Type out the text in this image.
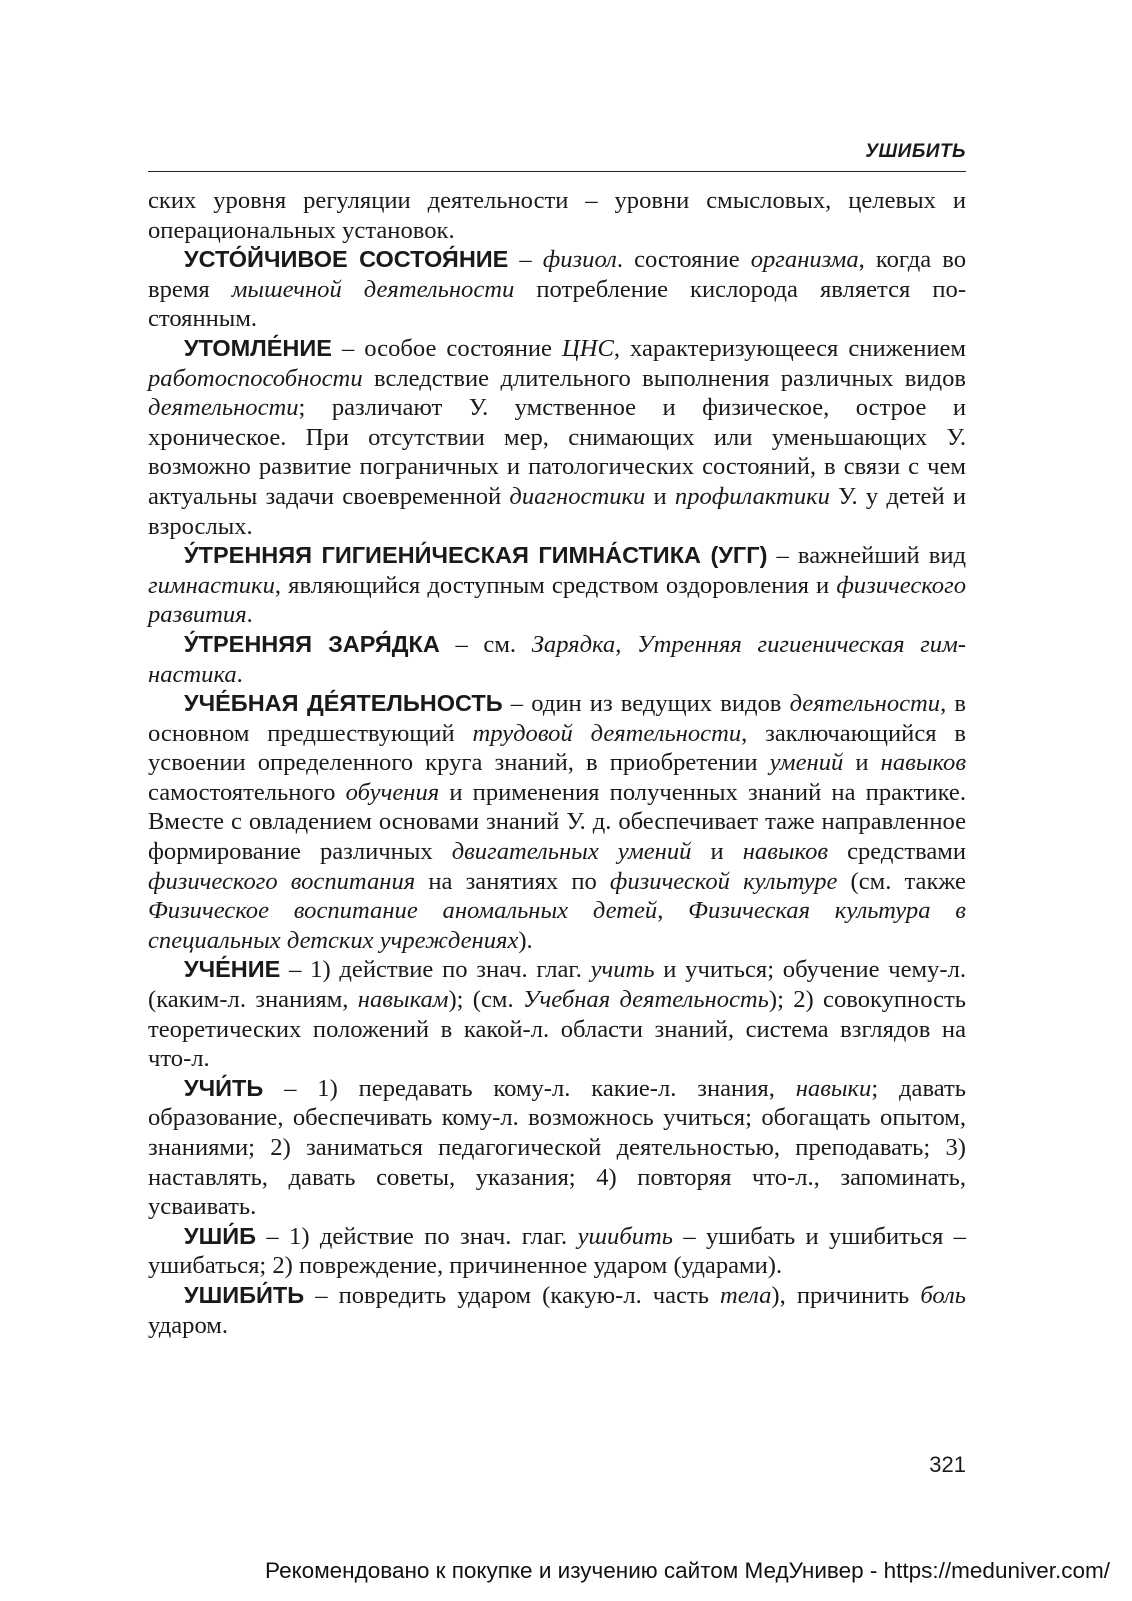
УШИБИТЬ

ских уровня регуляции деятельности – уровни смысловых, целевых и операциональных установок.

УСТО́ЙЧИВОЕ СОСТОЯ́НИЕ – физиол. состояние организма, когда во время мышечной деятельности потребление кислорода является постоянным.

УТОМЛЕ́НИЕ – особое состояние ЦНС, характеризующееся снижением работоспособности вследствие длительного выполнения различных видов деятельности; различают У. умственное и физическое, острое и хроническое. При отсутствии мер, снимающих или уменьшающих У. возможно развитие пограничных и патологических состояний, в связи с чем актуальны задачи своевременной диагностики и профилактики У. у детей и взрослых.

У́ТРЕННЯЯ ГИГИЕНИ́ЧЕСКАЯ ГИМНА́СТИКА (УГГ) – важнейший вид гимнастики, являющийся доступным средством оздоровления и физического развития.

У́ТРЕННЯЯ ЗАРЯ́ДКА – см. Зарядка, Утренняя гигиеническая гимнастика.

УЧЕ́БНАЯ ДЕ́ЯТЕЛЬНОСТЬ – один из ведущих видов деятельности, в основном предшествующий трудовой деятельности, заключающийся в усвоении определенного круга знаний, в приобретении умений и навыков самостоятельного обучения и применения полученных знаний на практике. Вместе с овладением основами знаний У. д. обеспечивает таже направленное формирование различных двигательных умений и навыков средствами физического воспитания на занятиях по физической культуре (см. также Физическое воспитание аномальных детей, Физическая культура в специальных детских учреждениях).

УЧЕ́НИЕ – 1) действие по знач. глаг. учить и учиться; обучение чему-л. (каким-л. знаниям, навыкам); (см. Учебная деятельность); 2) совокупность теоретических положений в какой-л. области знаний, система взглядов на что-л.

УЧИ́ТЬ – 1) передавать кому-л. какие-л. знания, навыки; давать образование, обеспечивать кому-л. возможнось учиться; обогащать опытом, знаниями; 2) заниматься педагогической деятельностью, преподавать; 3) наставлять, давать советы, указания; 4) повторяя что-л., запоминать, усваивать.

УШИ́Б – 1) действие по знач. глаг. ушибить – ушибать и ушибиться – ушибаться; 2) повреждение, причиненное ударом (ударами).

УШИБИ́ТЬ – повредить ударом (какую-л. часть тела), причинить боль ударом.

321
Рекомендовано к покупке и изучению сайтом МедУнивер - https://meduniver.com/
